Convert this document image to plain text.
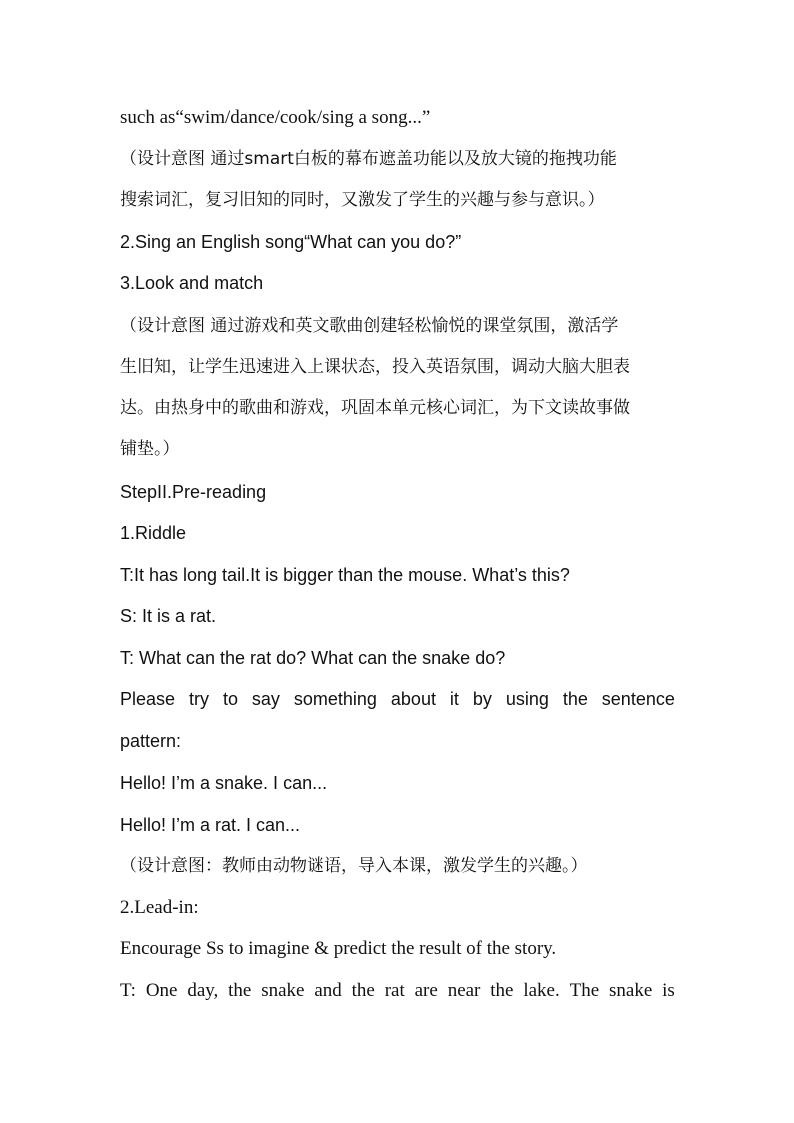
such as“swim/dance/cook/sing a song...”
（设计意图 通过smart白板的幕布遮盖功能以及放大镜的拖拽功能
搜索词汇，复习旧知的同时，又激发了学生的兴趣与参与意识。）
2.Sing an English song“What can you do?”
3.Look and match
（设计意图 通过游戏和英文歌曲创建轻松愉悦的课堂氛围，激活学
生旧知，让学生迅速进入上课状态，投入英语氛围，调动大脑大胆表
达。由热身中的歌曲和游戏，巩固本单元核心词汇，为下文读故事做
铺垫。）
StepII.Pre-reading
1.Riddle
T:It has long tail.It is bigger than the mouse. What’s this?
S: It is a rat.
T: What can the rat do? What can the snake do?
Please try to say something about it by using the sentence
pattern:
Hello! I’m a snake. I can...
Hello! I’m a rat. I can...
（设计意图：教师由动物谜语，导入本课，激发学生的兴趣。）
2.Lead-in:
Encourage Ss to imagine & predict the result of the story.
T: One day, the snake and the rat are near the lake. The snake is
